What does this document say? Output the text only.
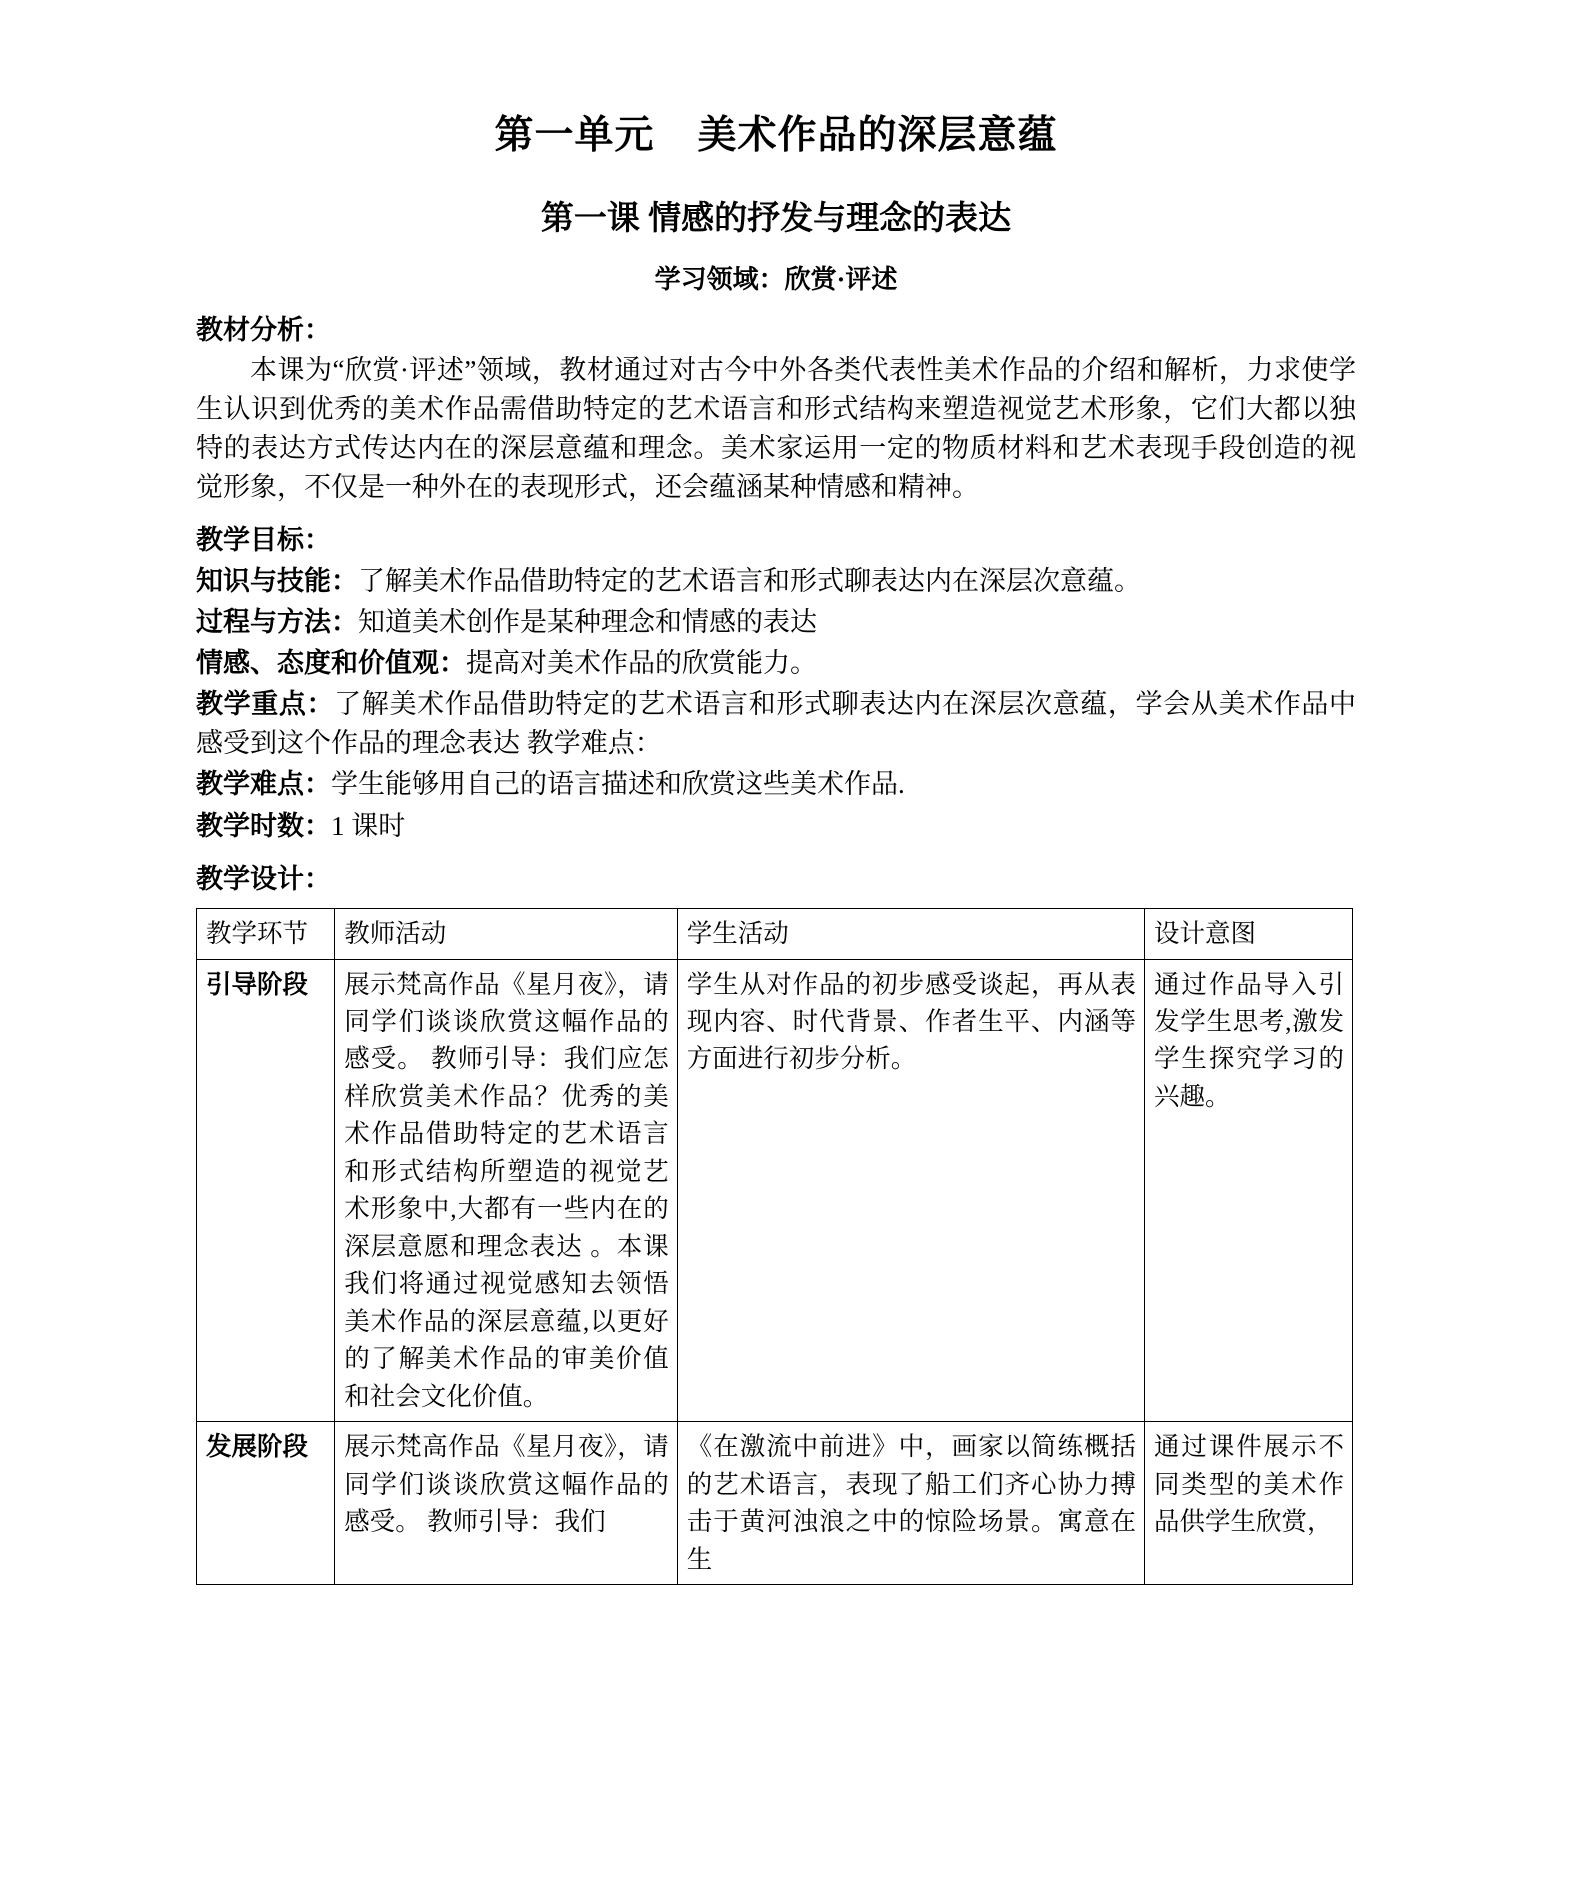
第一单元    美术作品的深层意蕴
第一课 情感的抒发与理念的表达
学习领域：欣赏·评述
教材分析：
本课为“欣赏·评述”领域，教材通过对古今中外各类代表性美术作品的介绍和解析，力求使学生认识到优秀的美术作品需借助特定的艺术语言和形式结构来塑造视觉艺术形象，它们大都以独特的表达方式传达内在的深层意蕴和理念。美术家运用一定的物质材料和艺术表现手段创造的视觉形象，不仅是一种外在的表现形式，还会蕴涵某种情感和精神。
教学目标：
知识与技能：了解美术作品借助特定的艺术语言和形式聊表达内在深层次意蕴。
过程与方法：知道美术创作是某种理念和情感的表达
情感、态度和价值观：提高对美术作品的欣赏能力。
教学重点：了解美术作品借助特定的艺术语言和形式聊表达内在深层次意蕴，学会从美术作品中感受到这个作品的理念表达 教学难点：
教学难点：学生能够用自己的语言描述和欣赏这些美术作品.
教学时数：1 课时
教学设计：
教学环节	教师活动	学生活动	设计意图
引导阶段	展示梵高作品《星月夜》，请同学们谈谈欣赏这幅作品的感受。 教师引导：我们应怎样欣赏美术作品？优秀的美术作品借助特定的艺术语言和形式结构所塑造的视觉艺术形象中,大都有一些内在的深层意愿和理念表达 。本课我们将通过视觉感知去领悟美术作品的深层意蕴,以更好的了解美术作品的审美价值和社会文化价值。	学生从对作品的初步感受谈起，再从表现内容、时代背景、作者生平、内涵等方面进行初步分析。	通过作品导入引发学生思考,激发学生探究学习的兴趣。
发展阶段	展示梵高作品《星月夜》，请同学们谈谈欣赏这幅作品的感受。 教师引导：我们	《在激流中前进》中，画家以简练概括的艺术语言，表现了船工们齐心协力搏击于黄河浊浪之中的惊险场景。寓意在生	通过课件展示不同类型的美术作品供学生欣赏，
